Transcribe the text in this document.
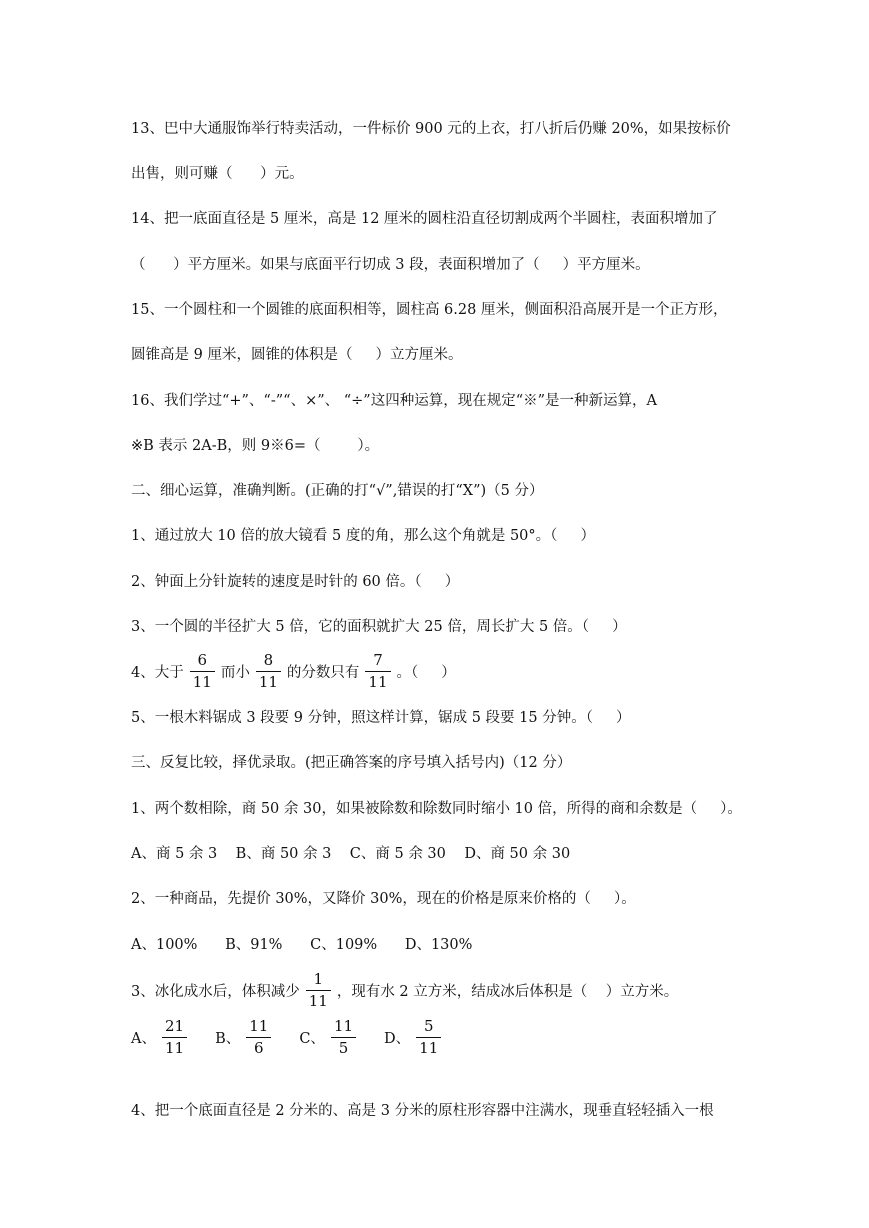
13、巴中大通服饰举行特卖活动，一件标价 900 元的上衣，打八折后仍赚 20%，如果按标价
出售，则可赚（      ）元。
14、把一底面直径是 5 厘米，高是 12 厘米的圆柱沿直径切割成两个半圆柱，表面积增加了
（      ）平方厘米。如果与底面平行切成 3 段，表面积增加了（     ）平方厘米。
15、一个圆柱和一个圆锥的底面积相等，圆柱高 6.28 厘米，侧面积沿高展开是一个正方形，
圆锥高是 9 厘米，圆锥的体积是（     ）立方厘米。
16、我们学过“+”、“-”“、×”、 “÷”这四种运算，现在规定“※”是一种新运算，A
※B 表示 2A-B，则 9※6=（        ）。
二、细心运算，准确判断。(正确的打“√”,错误的打“X”)（5 分）
1、通过放大 10 倍的放大镜看 5 度的角，那么这个角就是 50°。（     ）
2、钟面上分针旋转的速度是时针的 60 倍。（     ）
3、一个圆的半径扩大 5 倍，它的面积就扩大 25 倍，周长扩大 5 倍。（     ）
4、大于 $\frac{6}{11}$ 而小 $\frac{8}{11}$ 的分数只有 $\frac{7}{11}$ 。（     ）
5、一根木料锯成 3 段要 9 分钟，照这样计算，锯成 5 段要 15 分钟。（     ）
三、反复比较，择优录取。(把正确答案的序号填入括号内)（12 分）
1、两个数相除，商 50 余 30，如果被除数和除数同时缩小 10 倍，所得的商和余数是（     ）。
A、商 5 余 3    B、商 50 余 3    C、商 5 余 30    D、商 50 余 30
2、一种商品，先提价 30%，又降价 30%，现在的价格是原来价格的（     ）。
A、100%      B、91%      C、109%      D、130%
3、冰化成水后，体积减少 $\frac{1}{11}$ ，现有水 2 立方米，结成冰后体积是（    ）立方米。
A、 $\frac{21}{11}$ B、 $\frac{11}{6}$ C、 $\frac{11}{5}$ D、 $\frac{5}{11}$
4、把一个底面直径是 2 分米的、高是 3 分米的原柱形容器中注满水，现垂直轻轻插入一根
